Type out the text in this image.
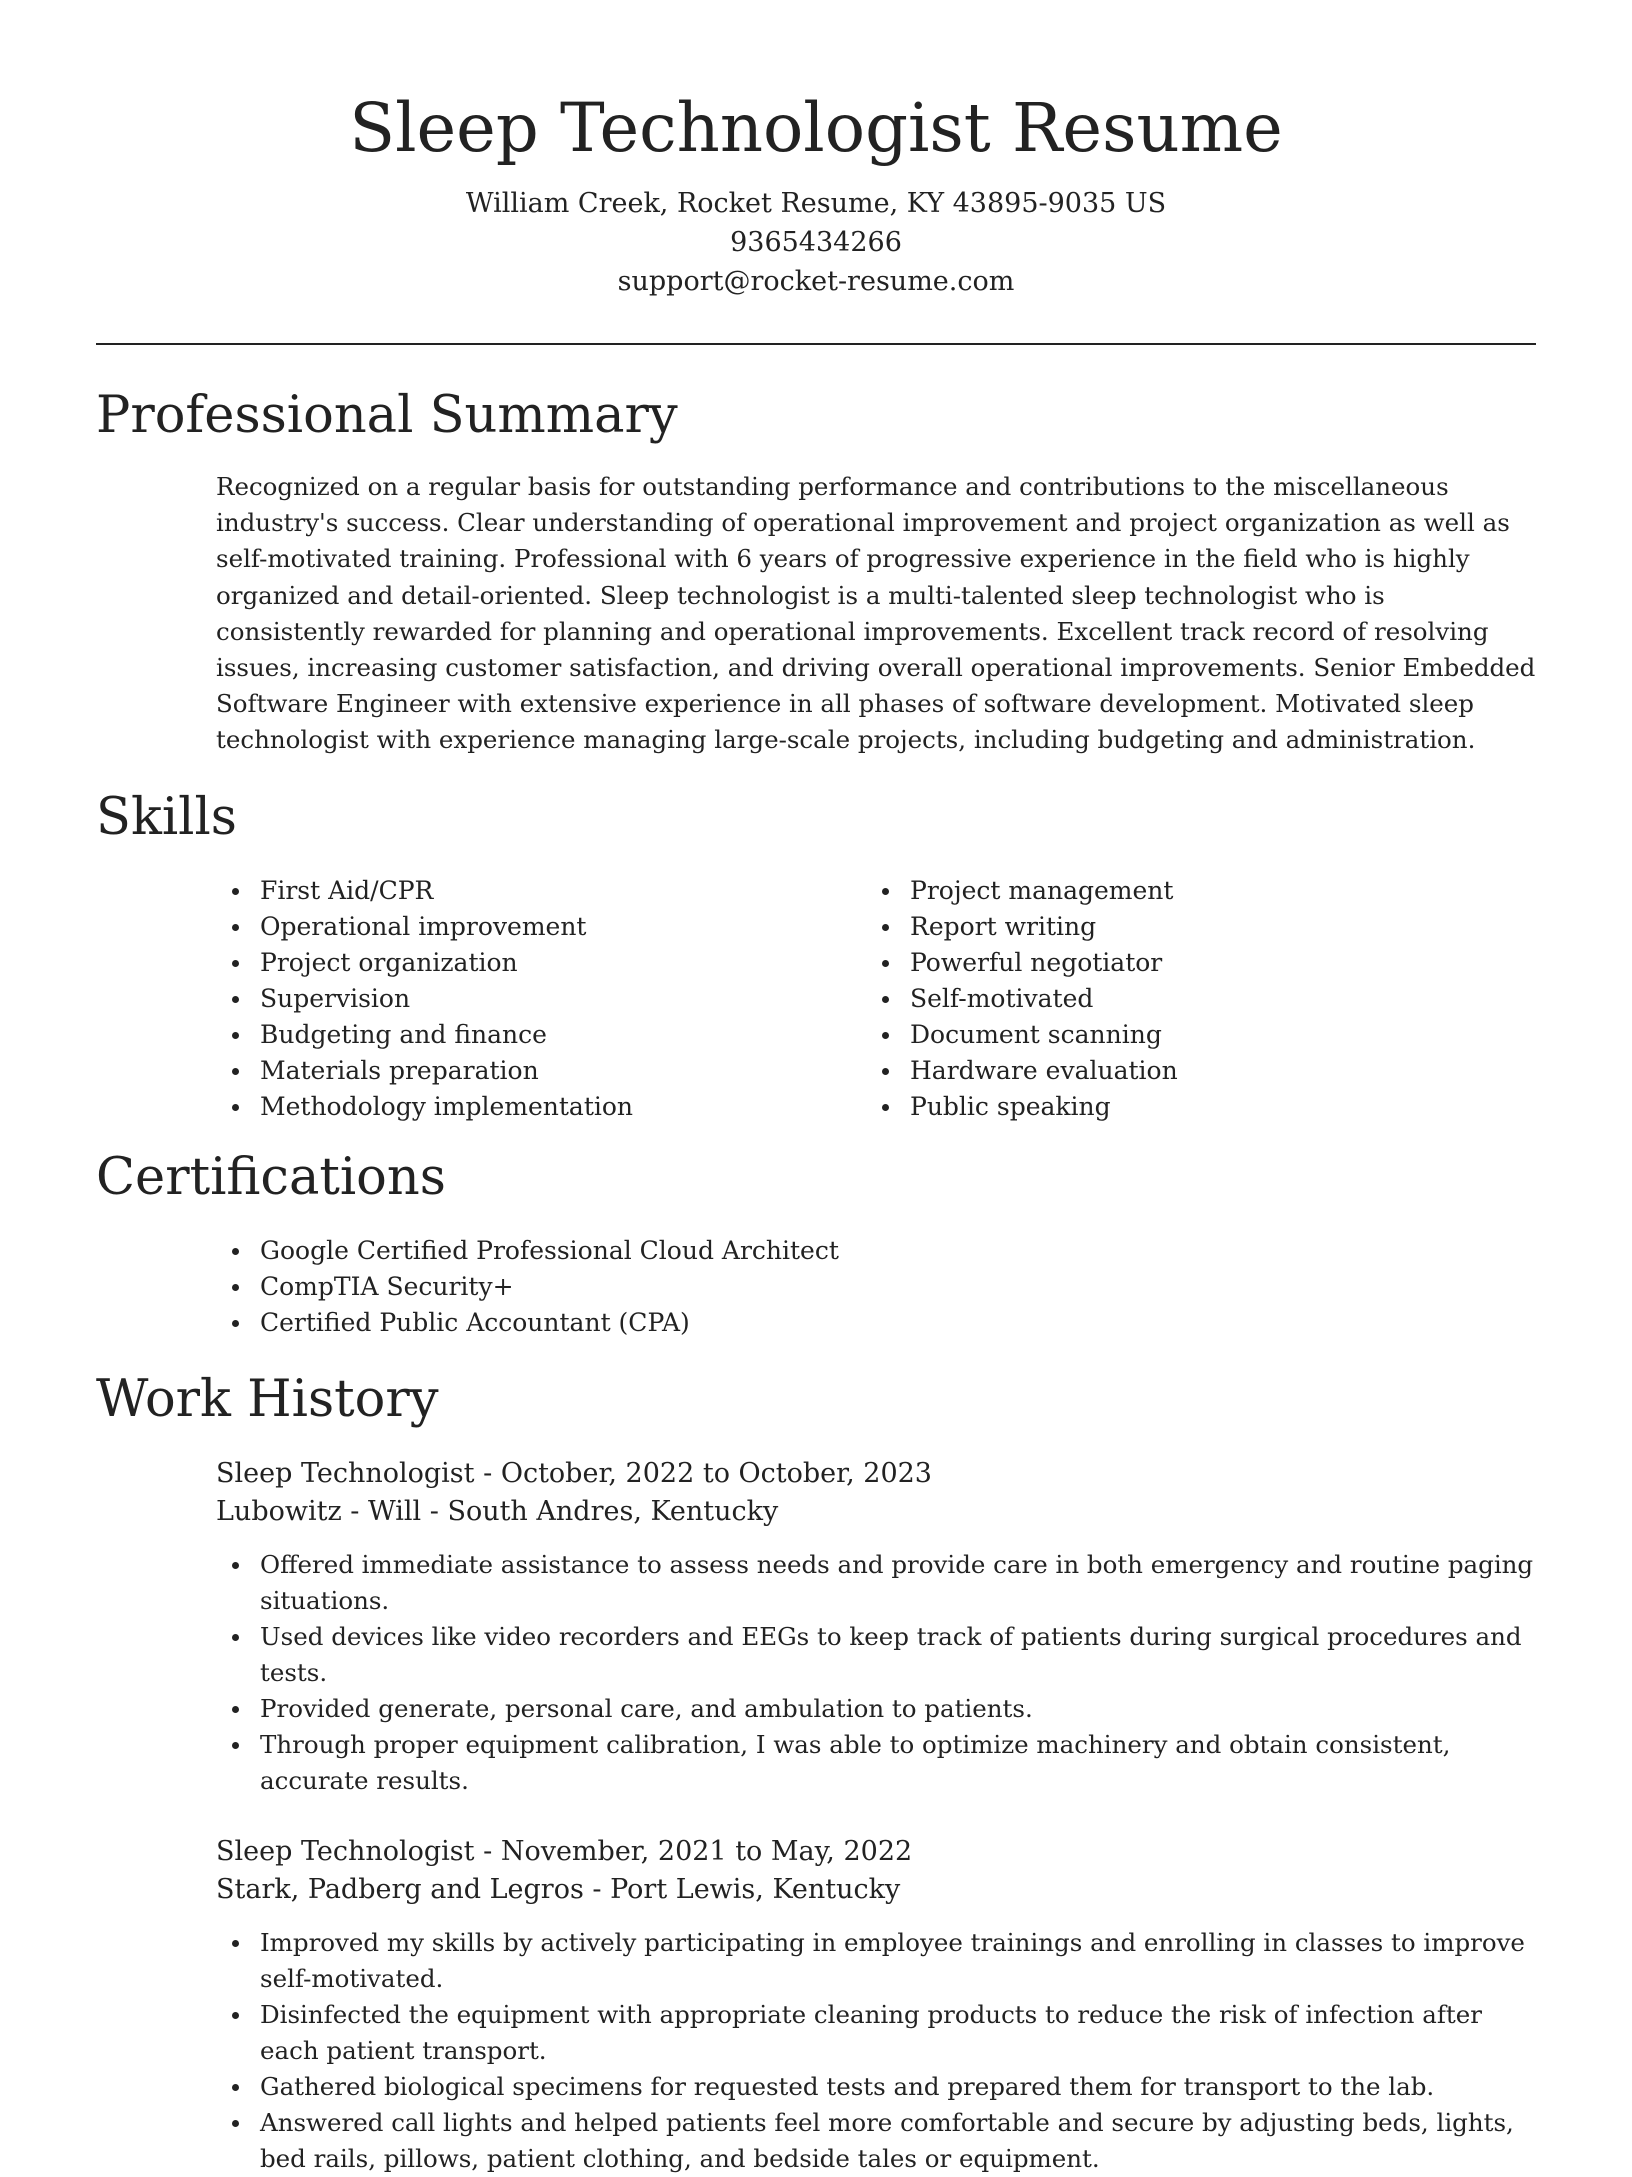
Sleep Technologist Resume
William Creek, Rocket Resume, KY 43895-9035 US
9365434266
support@rocket-resume.com
Professional Summary

Recognized on a regular basis for outstanding performance and contributions to the miscellaneous industry's success. Clear understanding of operational improvement and project organization as well as self-motivated training. Professional with 6 years of progressive experience in the field who is highly organized and detail-oriented. Sleep technologist is a multi-talented sleep technologist who is consistently rewarded for planning and operational improvements. Excellent track record of resolving issues, increasing customer satisfaction, and driving overall operational improvements. Senior Embedded Software Engineer with extensive experience in all phases of software development. Motivated sleep technologist with experience managing large-scale projects, including budgeting and administration.

Skills
First Aid/CPR
Operational improvement
Project organization
Supervision
Budgeting and finance
Materials preparation
Methodology implementation
Project management
Report writing
Powerful negotiator
Self-motivated
Document scanning
Hardware evaluation
Public speaking
Certifications
Google Certified Professional Cloud Architect
CompTIA Security+
Certified Public Accountant (CPA)
Work History
Sleep Technologist - October, 2022 to October, 2023
Lubowitz - Will - South Andres, Kentucky
Offered immediate assistance to assess needs and provide care in both emergency and routine paging situations.
Used devices like video recorders and EEGs to keep track of patients during surgical procedures and tests.
Provided generate, personal care, and ambulation to patients.
Through proper equipment calibration, I was able to optimize machinery and obtain consistent, accurate results.
Sleep Technologist - November, 2021 to May, 2022
Stark, Padberg and Legros - Port Lewis, Kentucky
Improved my skills by actively participating in employee trainings and enrolling in classes to improve self-motivated.
Disinfected the equipment with appropriate cleaning products to reduce the risk of infection after each patient transport.
Gathered biological specimens for requested tests and prepared them for transport to the lab.
Answered call lights and helped patients feel more comfortable and secure by adjusting beds, lights, bed rails, pillows, patient clothing, and bedside tales or equipment.
